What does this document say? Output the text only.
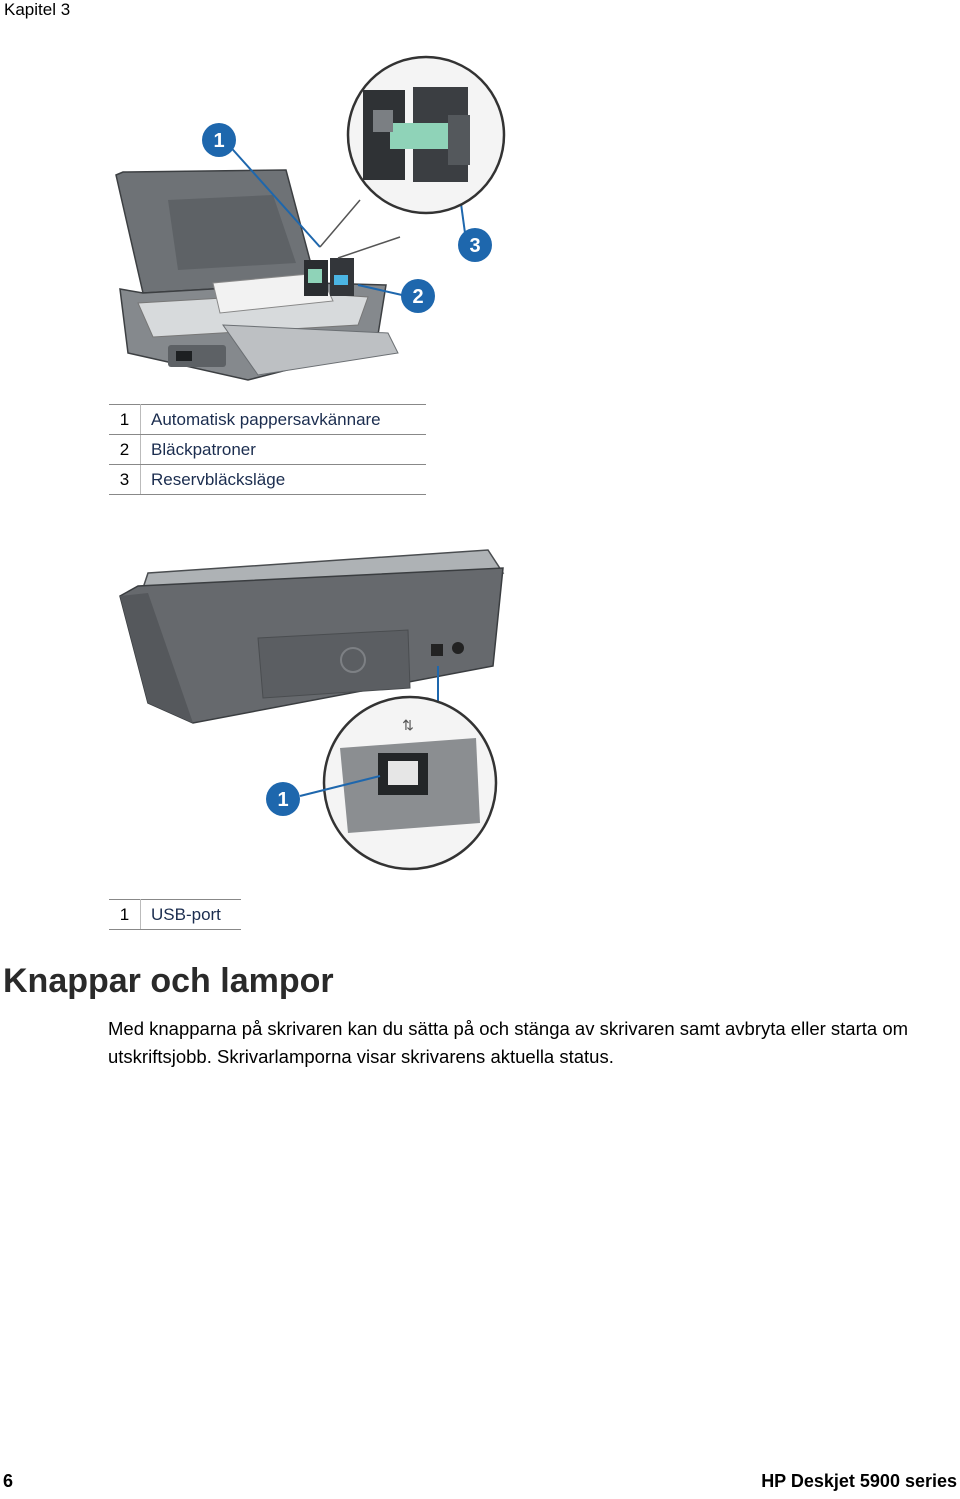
Kapitel 3
1
2
3
1	Automatisk pappersavkännare
2	Bläckpatroner
3	Reservbläcksläge
⇅
1
1	USB-port
Knappar och lampor
Med knapparna på skrivaren kan du sätta på och stänga av skrivaren samt avbryta eller starta om utskriftsjobb. Skrivarlamporna visar skrivarens aktuella status.
6	HP Deskjet 5900 series
